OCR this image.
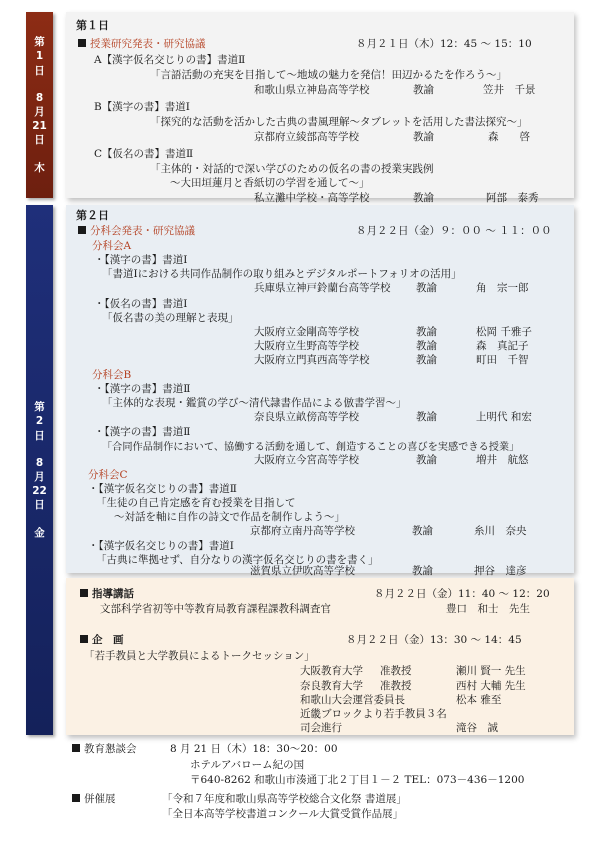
第
1
日
8
月
21
日
木
第
2
日
8
月
22
日
金
第１日
授業研究発表・研究協議	８月２１日（木）12：45 〜 15：10
A【漢字仮名交じりの書】書道Ⅱ
「言語活動の充実を目指して〜地域の魅力を発信！田辺かるたを作ろう〜」
和歌山県立神島高等学校	教諭	笠井　千景
B【漢字の書】書道Ⅰ
「探究的な活動を活かした古典の書風理解〜タブレットを活用した書法探究〜」
京都府立綾部高等学校	教諭	森　　啓
C【仮名の書】書道Ⅱ
「主体的・対話的で深い学びのための仮名の書の授業実践例
〜大田垣蓮月と香紙切の学習を通して〜」
私立灘中学校・高等学校	教諭	阿部　泰秀
第２日
分科会発表・研究協議	８月２２日（金）９：００ 〜 １１：００
分科会A
・【漢字の書】書道Ⅰ
「書道Ⅰにおける共同作品制作の取り組みとデジタルポートフォリオの活用」
兵庫県立神戸鈴蘭台高等学校 教諭	角　宗一郎
・【仮名の書】書道Ⅰ
「仮名書の美の理解と表現」
大阪府立金剛高等学校	教諭	松岡 千雅子
大阪府立生野高等学校	教諭	森　真記子
大阪府立門真西高等学校	教諭	町田　千智
分科会B
・【漢字の書】書道Ⅱ
「主体的な表現・鑑賞の学び〜清代隷書作品による倣書学習〜」
奈良県立畝傍高等学校	教諭	上明代 和宏
・【漢字の書】書道Ⅱ
「合同作品制作において、協働する活動を通して、創造することの喜びを実感できる授業」
大阪府立今宮高等学校	教諭	増井　航悠
分科会C
・【漢字仮名交じりの書】書道Ⅱ
「生徒の自己肯定感を育む授業を目指して
〜対話を軸に自作の詩文で作品を制作しよう〜」
京都府立南丹高等学校	教諭	糸川　奈央
・【漢字仮名交じりの書】書道Ⅰ
「古典に準拠せず、自分なりの漢字仮名交じりの書を書く」
滋賀県立伊吹高等学校	教諭	押谷　達彦
指導講話	８月２２日（金）11：40 〜 12：20
文部科学省初等中等教育局教育課程課教科調査官	豊口　和士　先生
企　画	８月２２日（金）13：30 〜 14：45
「若手教員と大学教員によるトークセッション」
大阪教育大学 准教授	瀬川 賢一 先生
奈良教育大学 准教授	西村 大輔 先生
和歌山大会運営委員長	松本 雅至
近畿ブロックより若手教員３名
司会進行	滝谷　誠
教育懇談会	8 月 21 日（木）18：30〜20：00
ホテルアバローム紀の国
〒640-8262 和歌山市湊通丁北２丁目１－２ TEL：073－436－1200
併催展	「令和７年度和歌山県高等学校総合文化祭 書道展」
「全日本高等学校書道コンクール大賞受賞作品展」
